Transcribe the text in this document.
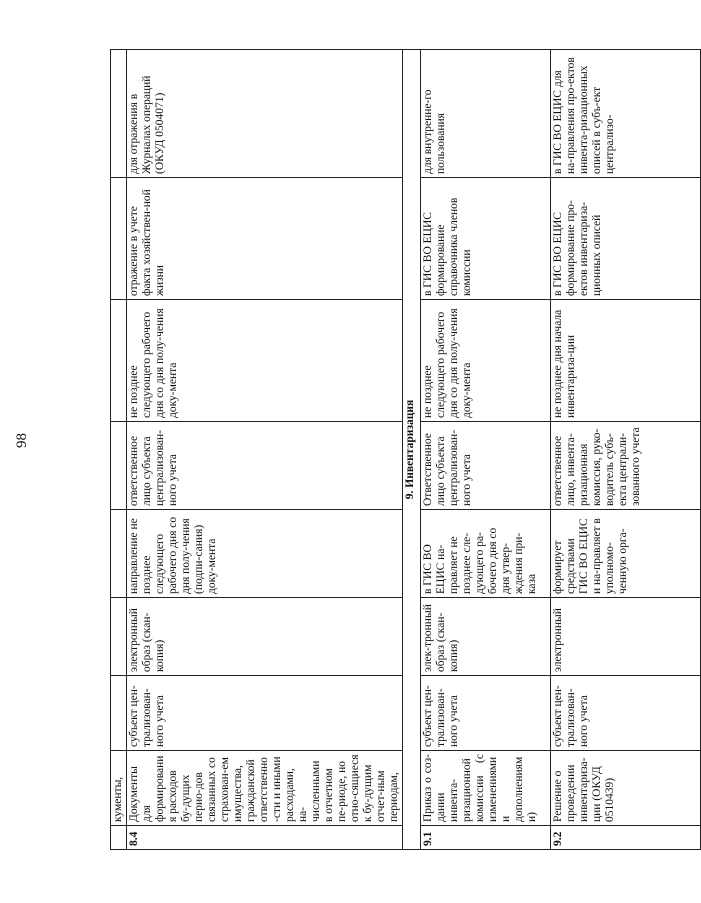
98
	кументы,							
8.4	Документы для формирования расходов бу-дущих перио-дов связанных со страхован-ем имущества, гражданской ответственно-сти и иными расходами, на-численными в отчетном пе-риоде, но отно-сящиеся к бу-дущим отчет-ным периодам,	субъект цен-трализован-ного учета	электронный образ (скан-копия)	направление не позднее следующего рабочего дня со дня полу-чения (подпи-сания) доку-мента	ответственное лицо субъекта централизован-ного учета	не позднее следующего рабочего дня со дня полу-чения доку-мента	отражение в учете факта хозяйствен-ной жизни	для отражения в Журналах операций (ОКУД 0504071)
9. Инвентаризация								
9.1	Приказ о соз-дании инвента-ризационной комиссии (с изменениями и дополнениями)	субъект цен-трализован-ного учета	элек-тронный образ (скан-копия)	в ГИС ВО ЕЦИС на-правляет не позднее сле-дующего ра-бочего дня со дня утвер-ждения при-каза	Ответственное лицо субъекта централизован-ного учета	не позднее следующего рабочего дня со дня полу-чения доку-мента	в ГИС ВО ЕЦИС формирование справочника членов комиссии	для внутренне-го пользования
9.2	Решение о проведении инвентариза-ции (ОКУД 0510439)	субъект цен-трализован-ного учета	электронный	формирует средствами ГИС ВО ЕЦИС и на-правляет в уполномо-ченную орга-	ответственное лицо, инвента-ризационная комиссия, руко-водитель субъ-екта централи-зованного учета	не позднее дня начала инвентариза-ции	в ГИС ВО ЕЦИС формирование про-ектов инвентариза-ционных описей	в ГИС ВО ЕЦИС для на-правления про-ектов инвента-ризационных описей в субъ-ект централизо-
